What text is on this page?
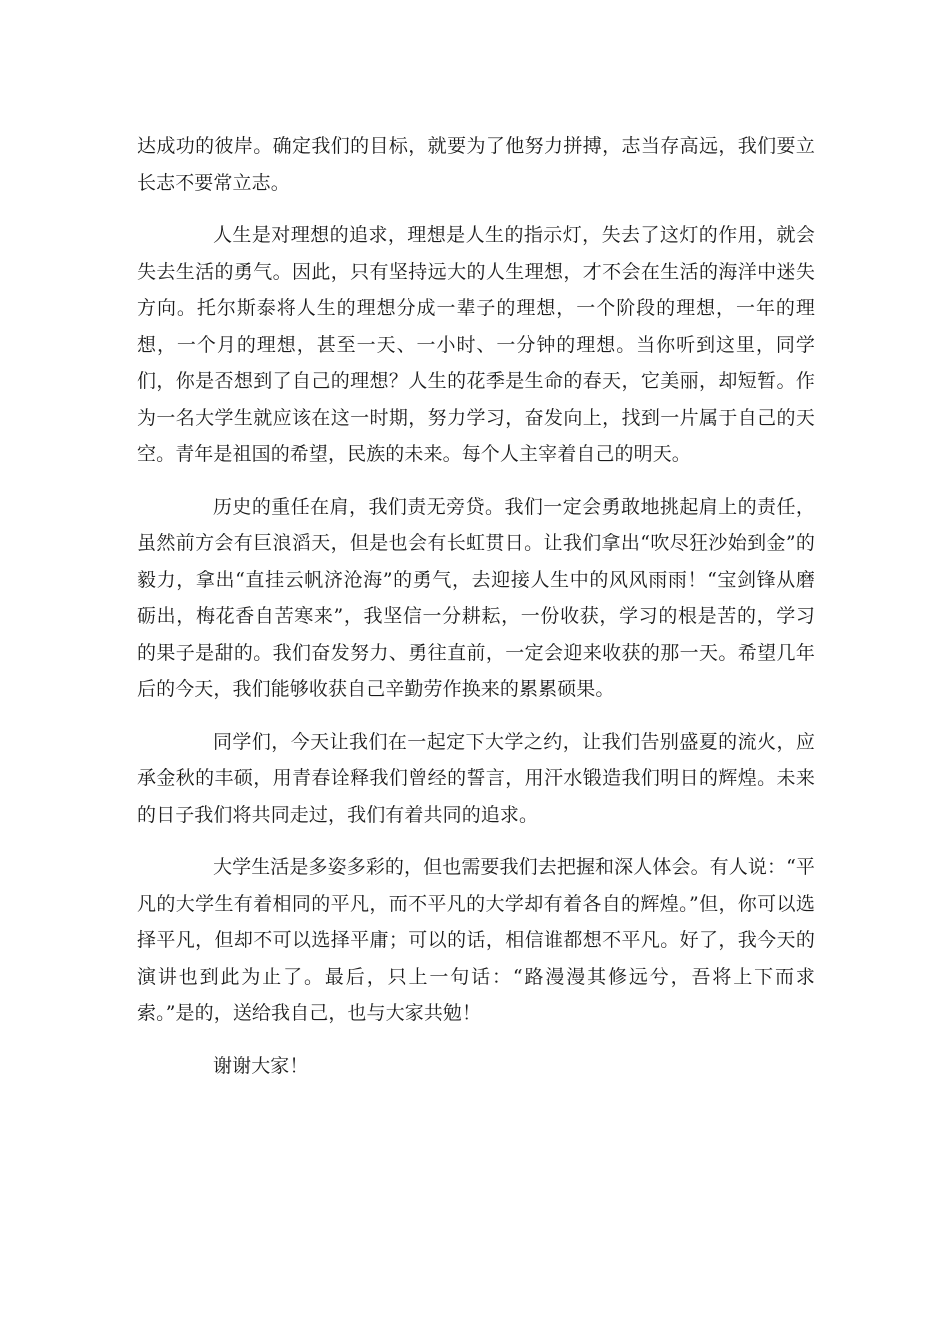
达成功的彼岸。确定我们的目标，就要为了他努力拼搏，志当存高远，我们要立长志不要常立志。

人生是对理想的追求，理想是人生的指示灯，失去了这灯的作用，就会失去生活的勇气。因此，只有坚持远大的人生理想，才不会在生活的海洋中迷失方向。托尔斯泰将人生的理想分成一辈子的理想，一个阶段的理想，一年的理想，一个月的理想，甚至一天、一小时、一分钟的理想。当你听到这里，同学们，你是否想到了自己的理想？人生的花季是生命的春天，它美丽，却短暂。作为一名大学生就应该在这一时期，努力学习，奋发向上，找到一片属于自己的天空。青年是祖国的希望，民族的未来。每个人主宰着自己的明天。

历史的重任在肩，我们责无旁贷。我们一定会勇敢地挑起肩上的责任，虽然前方会有巨浪滔天，但是也会有长虹贯日。让我们拿出“吹尽狂沙始到金”的毅力，拿出“直挂云帆济沧海”的勇气，去迎接人生中的风风雨雨！“宝剑锋从磨砺出，梅花香自苦寒来”，我坚信一分耕耘，一份收获，学习的根是苦的，学习的果子是甜的。我们奋发努力、勇往直前，一定会迎来收获的那一天。希望几年后的今天，我们能够收获自己辛勤劳作换来的累累硕果。

同学们，今天让我们在一起定下大学之约，让我们告别盛夏的流火，应承金秋的丰硕，用青春诠释我们曾经的誓言，用汗水锻造我们明日的辉煌。未来的日子我们将共同走过，我们有着共同的追求。

大学生活是多姿多彩的，但也需要我们去把握和深人体会。有人说：“平凡的大学生有着相同的平凡，而不平凡的大学却有着各自的辉煌。”但，你可以选择平凡，但却不可以选择平庸；可以的话，相信谁都想不平凡。好了，我今天的演讲也到此为止了。最后，只上一句话：“路漫漫其修远兮，吾将上下而求索。”是的，送给我自己，也与大家共勉！

谢谢大家！
